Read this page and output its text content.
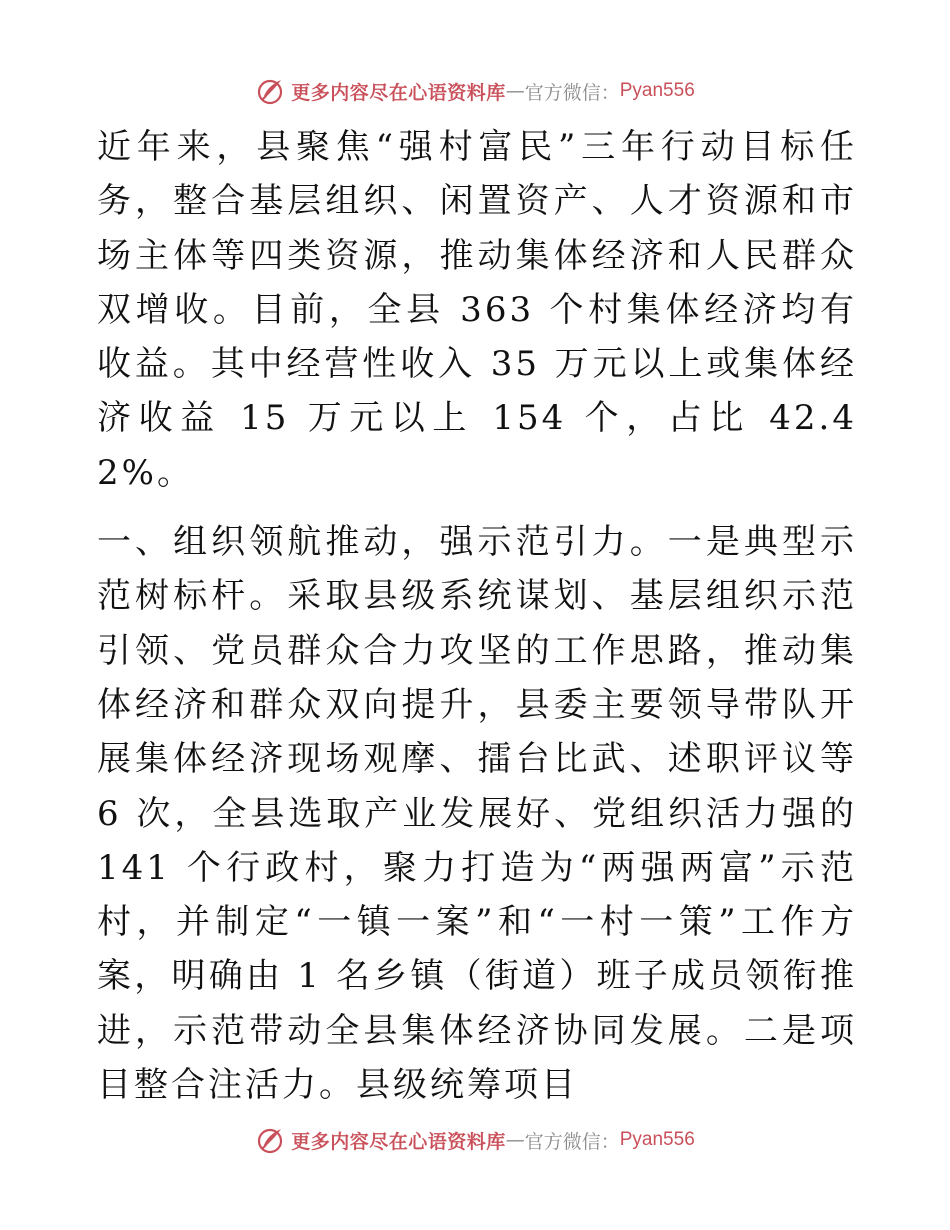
更多内容尽在心语资料库 — 官方微信： Pyan556

近年来，县聚焦“强村富民”三年行动目标任务，整合基层组织、闲置资产、人才资源和市场主体等四类资源，推动集体经济和人民群众双增收。目前，全县 363 个村集体经济均有收益。其中经营性收入 35 万元以上或集体经济收益 15 万元以上 154 个，占比 42.42%。

一、组织领航推动，强示范引力。一是典型示范树标杆。采取县级系统谋划、基层组织示范引领、党员群众合力攻坚的工作思路，推动集体经济和群众双向提升，县委主要领导带队开展集体经济现场观摩、擂台比武、述职评议等 6 次，全县选取产业发展好、党组织活力强的 141 个行政村，聚力打造为“两强两富”示范村，并制定“一镇一案”和“一村一策”工作方案，明确由 1 名乡镇（街道）班子成员领衔推进，示范带动全县集体经济协同发展。二是项目整合注活力。县级统筹项目

更多内容尽在心语资料库 — 官方微信： Pyan556
